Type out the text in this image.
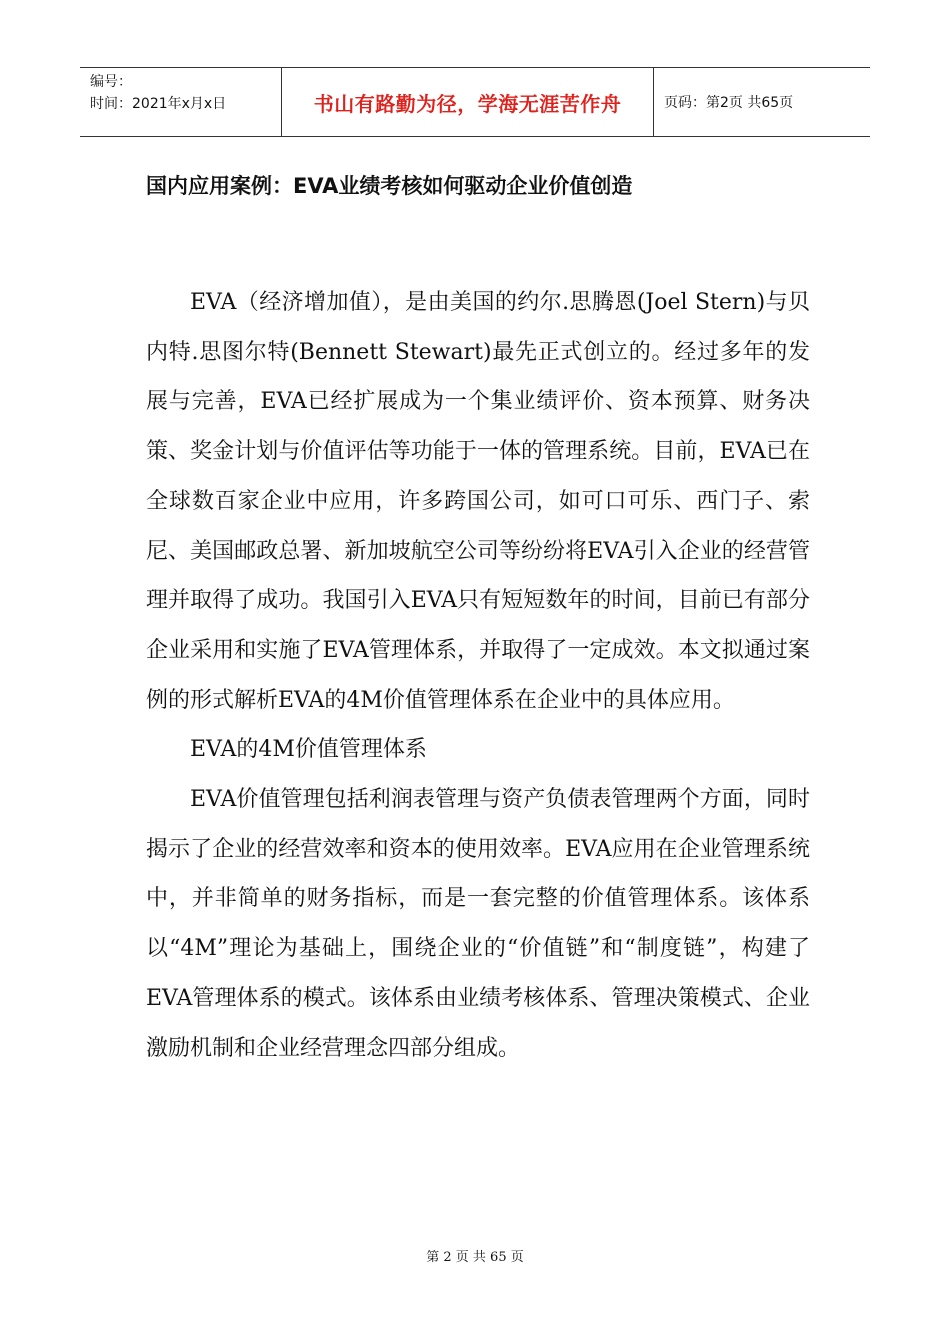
编号：
时间：2021年x月x日	书山有路勤为径，学海无涯苦作舟	页码：第2页 共65页
国内应用案例：EVA业绩考核如何驱动企业价值创造

EVA（经济增加值），是由美国的约尔.思腾恩(Joel Stern)与贝内特.思图尔特(Bennett Stewart)最先正式创立的。经过多年的发展与完善，EVA已经扩展成为一个集业绩评价、资本预算、财务决策、奖金计划与价值评估等功能于一体的管理系统。目前，EVA已在全球数百家企业中应用，许多跨国公司，如可口可乐、西门子、索尼、美国邮政总署、新加坡航空公司等纷纷将EVA引入企业的经营管理并取得了成功。我国引入EVA只有短短数年的时间，目前已有部分企业采用和实施了EVA管理体系，并取得了一定成效。本文拟通过案例的形式解析EVA的4M价值管理体系在企业中的具体应用。

EVA的4M价值管理体系

EVA价值管理包括利润表管理与资产负债表管理两个方面，同时揭示了企业的经营效率和资本的使用效率。EVA应用在企业管理系统中，并非简单的财务指标，而是一套完整的价值管理体系。该体系以“4M”理论为基础上，围绕企业的“价值链”和“制度链”，构建了EVA管理体系的模式。该体系由业绩考核体系、管理决策模式、企业激励机制和企业经营理念四部分组成。

第 2 页 共 65 页
